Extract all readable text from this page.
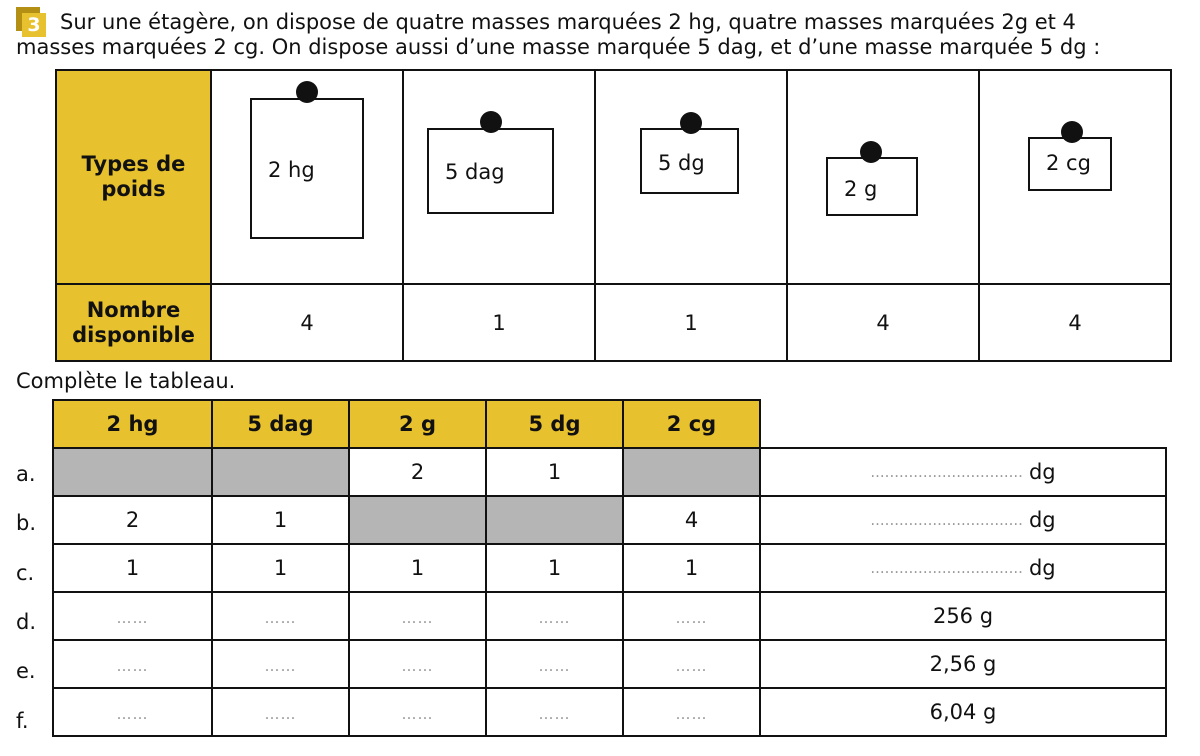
3 Sur une étagère, on dispose de quatre masses marquées 2 hg, quatre masses marquées 2g et 4
masses marquées 2 cg. On dispose aussi d’une masse marquée 5 dag, et d’une masse marquée 5 dg :
Types de
poids	2 hg	5 dag	5 dg	2 g	2 cg

Nombre
disponible	4	1	1	4	4
Complète le tableau.
2 hg	5 dag	2 g	5 dg	2 cg	
		2	1		................................ dg

2	1			4	................................ dg

1	1	1	1	1	................................ dg

……	……	……	……	……	256 g

……	……	……	……	……	2,56 g

……	……	……	……	……	6,04 g
a.
b.
c.
d.
e.
f.
